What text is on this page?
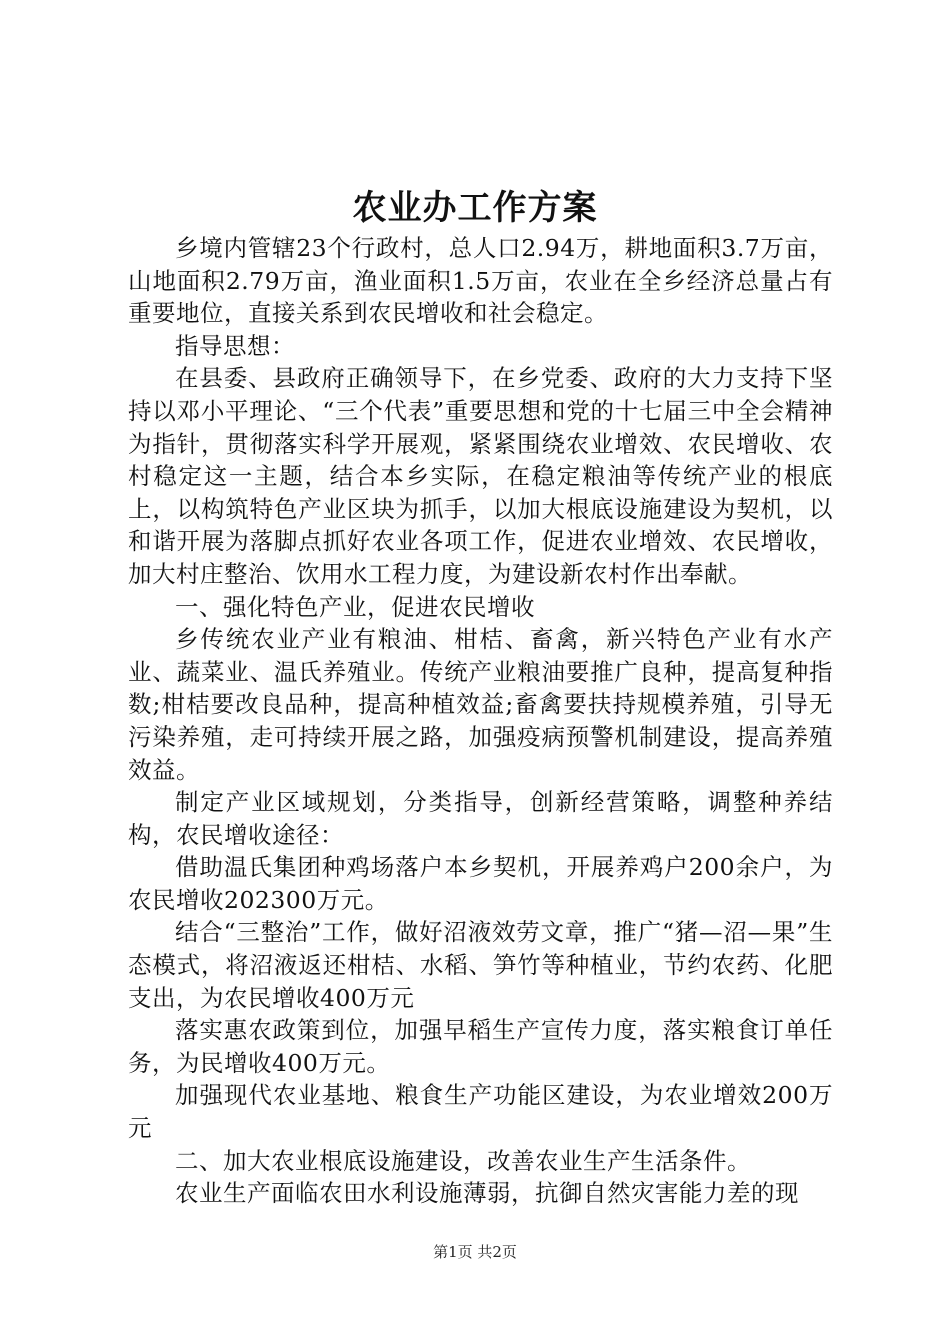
农业办工作方案

乡境内管辖23个行政村，总人口2.94万，耕地面积3.7万亩，山地面积2.79万亩，渔业面积1.5万亩，农业在全乡经济总量占有重要地位，直接关系到农民增收和社会稳定。

指导思想：

在县委、县政府正确领导下，在乡党委、政府的大力支持下坚持以邓小平理论、“三个代表”重要思想和党的十七届三中全会精神为指针，贯彻落实科学开展观，紧紧围绕农业增效、农民增收、农村稳定这一主题，结合本乡实际，在稳定粮油等传统产业的根底上，以构筑特色产业区块为抓手，以加大根底设施建设为契机，以和谐开展为落脚点抓好农业各项工作，促进农业增效、农民增收，加大村庄整治、饮用水工程力度，为建设新农村作出奉献。

一、强化特色产业，促进农民增收

乡传统农业产业有粮油、柑桔、畜禽，新兴特色产业有水产业、蔬菜业、温氏养殖业。传统产业粮油要推广良种，提高复种指数;柑桔要改良品种，提高种植效益;畜禽要扶持规模养殖，引导无污染养殖，走可持续开展之路，加强疫病预警机制建设，提高养殖效益。

制定产业区域规划，分类指导，创新经营策略，调整种养结构，农民增收途径：

借助温氏集团种鸡场落户本乡契机，开展养鸡户200余户，为农民增收202300万元。

结合“三整治”工作，做好沼液效劳文章，推广“猪—沼—果”生态模式，将沼液返还柑桔、水稻、笋竹等种植业，节约农药、化肥支出，为农民增收400万元

落实惠农政策到位，加强早稻生产宣传力度，落实粮食订单任务，为民增收400万元。

加强现代农业基地、粮食生产功能区建设，为农业增效200万元

二、加大农业根底设施建设，改善农业生产生活条件。

农业生产面临农田水利设施薄弱，抗御自然灾害能力差的现

第1页 共2页
